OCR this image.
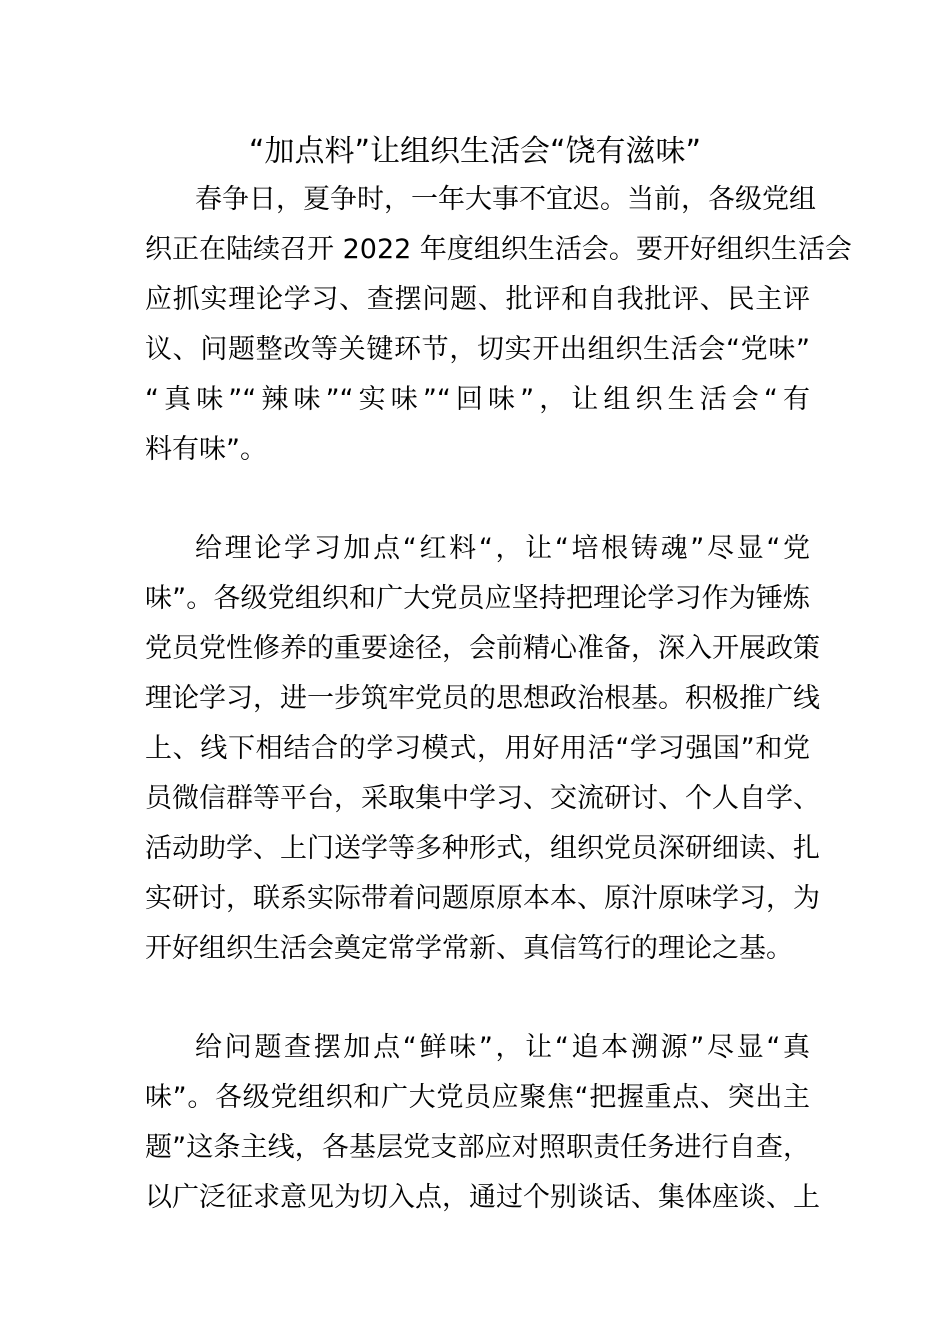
“加点料”让组织生活会“饶有滋味”
春争日，夏争时，一年大事不宜迟。当前，各级党组
织正在陆续召开 2022 年度组织生活会。要开好组织生活会
应抓实理论学习、查摆问题、批评和自我批评、民主评
议、问题整改等关键环节，切实开出组织生活会“党味”
“真味”“辣味”“实味”“回味”，让组织生活会“有
料有味”。
给理论学习加点“红料“，让“培根铸魂”尽显“党
味”。各级党组织和广大党员应坚持把理论学习作为锤炼
党员党性修养的重要途径，会前精心准备，深入开展政策
理论学习，进一步筑牢党员的思想政治根基。积极推广线
上、线下相结合的学习模式，用好用活“学习强国”和党
员微信群等平台，采取集中学习、交流研讨、个人自学、
活动助学、上门送学等多种形式，组织党员深研细读、扎
实研讨，联系实际带着问题原原本本、原汁原味学习，为
开好组织生活会奠定常学常新、真信笃行的理论之基。
给问题查摆加点“鲜味”，让“追本溯源”尽显“真
味”。各级党组织和广大党员应聚焦“把握重点、突出主
题”这条主线，各基层党支部应对照职责任务进行自查，
以广泛征求意见为切入点，通过个别谈话、集体座谈、上
